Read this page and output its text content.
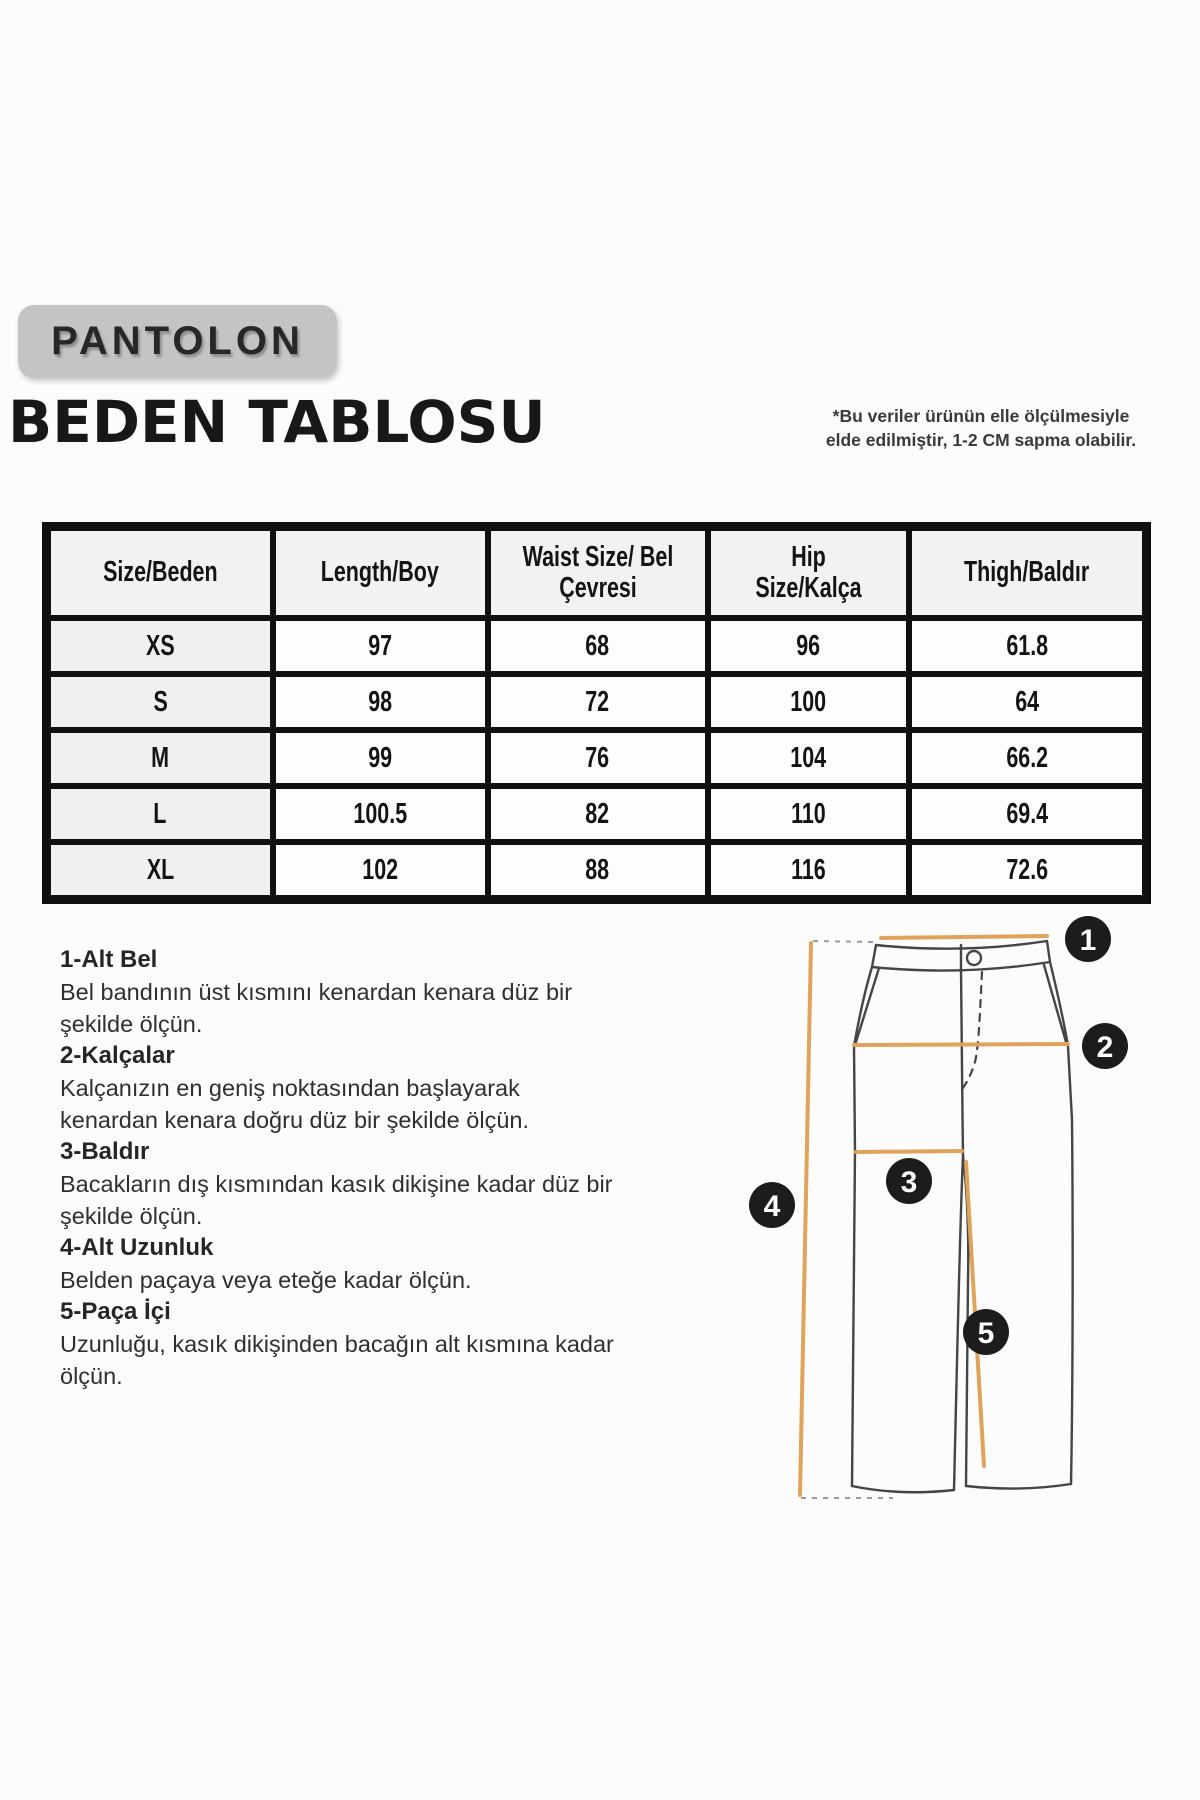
PANTOLON
BEDEN TABLOSU	*Bu veriler ürünün elle ölçülmesiyle elde edilmiştir, 1-2 CM sapma olabilir.
Size/Beden	Length/Boy	Waist Size/ Bel Çevresi	Hip Size/Kalça	Thigh/Baldır
XS	97	68	96	61.8
S	98	72	100	64
M	99	76	104	66.2
L	100.5	82	110	69.4
XL	102	88	116	72.6
1-Alt Bel
Bel bandının üst kısmını kenardan kenara düz bir şekilde ölçün.
2-Kalçalar
Kalçanızın en geniş noktasından başlayarak kenardan kenara doğru düz bir şekilde ölçün.
3-Baldır
Bacakların dış kısmından kasık dikişine kadar düz bir şekilde ölçün.
4-Alt Uzunluk
Belden paçaya veya eteğe kadar ölçün.
5-Paça İçi
Uzunluğu, kasık dikişinden bacağın alt kısmına kadar ölçün.
1
2
3
4
5
